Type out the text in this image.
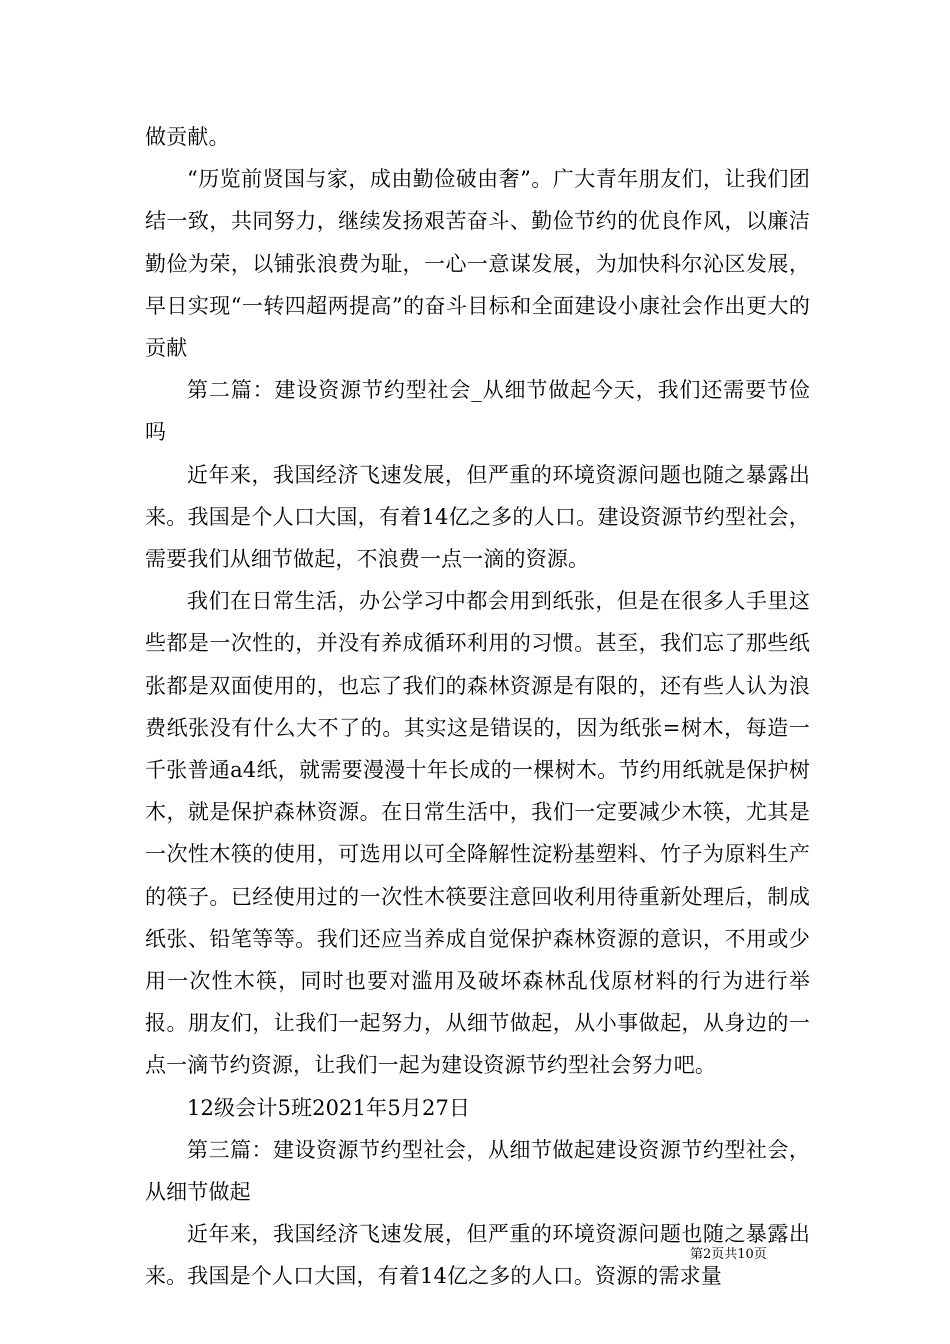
做贡献。

“历览前贤国与家，成由勤俭破由奢”。广大青年朋友们，让我们团结一致，共同努力，继续发扬艰苦奋斗、勤俭节约的优良作风，以廉洁勤俭为荣，以铺张浪费为耻，一心一意谋发展，为加快科尔沁区发展，早日实现“一转四超两提高”的奋斗目标和全面建设小康社会作出更大的贡献

第二篇：建设资源节约型社会_从细节做起今天，我们还需要节俭吗

近年来，我国经济飞速发展，但严重的环境资源问题也随之暴露出来。我国是个人口大国，有着14亿之多的人口。建设资源节约型社会，需要我们从细节做起，不浪费一点一滴的资源。

我们在日常生活，办公学习中都会用到纸张，但是在很多人手里这些都是一次性的，并没有养成循环利用的习惯。甚至，我们忘了那些纸张都是双面使用的，也忘了我们的森林资源是有限的，还有些人认为浪费纸张没有什么大不了的。其实这是错误的，因为纸张=树木，每造一千张普通a4纸，就需要漫漫十年长成的一棵树木。节约用纸就是保护树木，就是保护森林资源。在日常生活中，我们一定要减少木筷，尤其是一次性木筷的使用，可选用以可全降解性淀粉基塑料、竹子为原料生产的筷子。已经使用过的一次性木筷要注意回收利用待重新处理后，制成纸张、铅笔等等。我们还应当养成自觉保护森林资源的意识，不用或少用一次性木筷，同时也要对滥用及破坏森林乱伐原材料的行为进行举报。朋友们，让我们一起努力，从细节做起，从小事做起，从身边的一点一滴节约资源，让我们一起为建设资源节约型社会努力吧。

12级会计5班2021年5月27日

第三篇：建设资源节约型社会，从细节做起建设资源节约型社会，从细节做起

近年来，我国经济飞速发展，但严重的环境资源问题也随之暴露出来。我国是个人口大国，有着14亿之多的人口。资源的需求量

第2页共10页
